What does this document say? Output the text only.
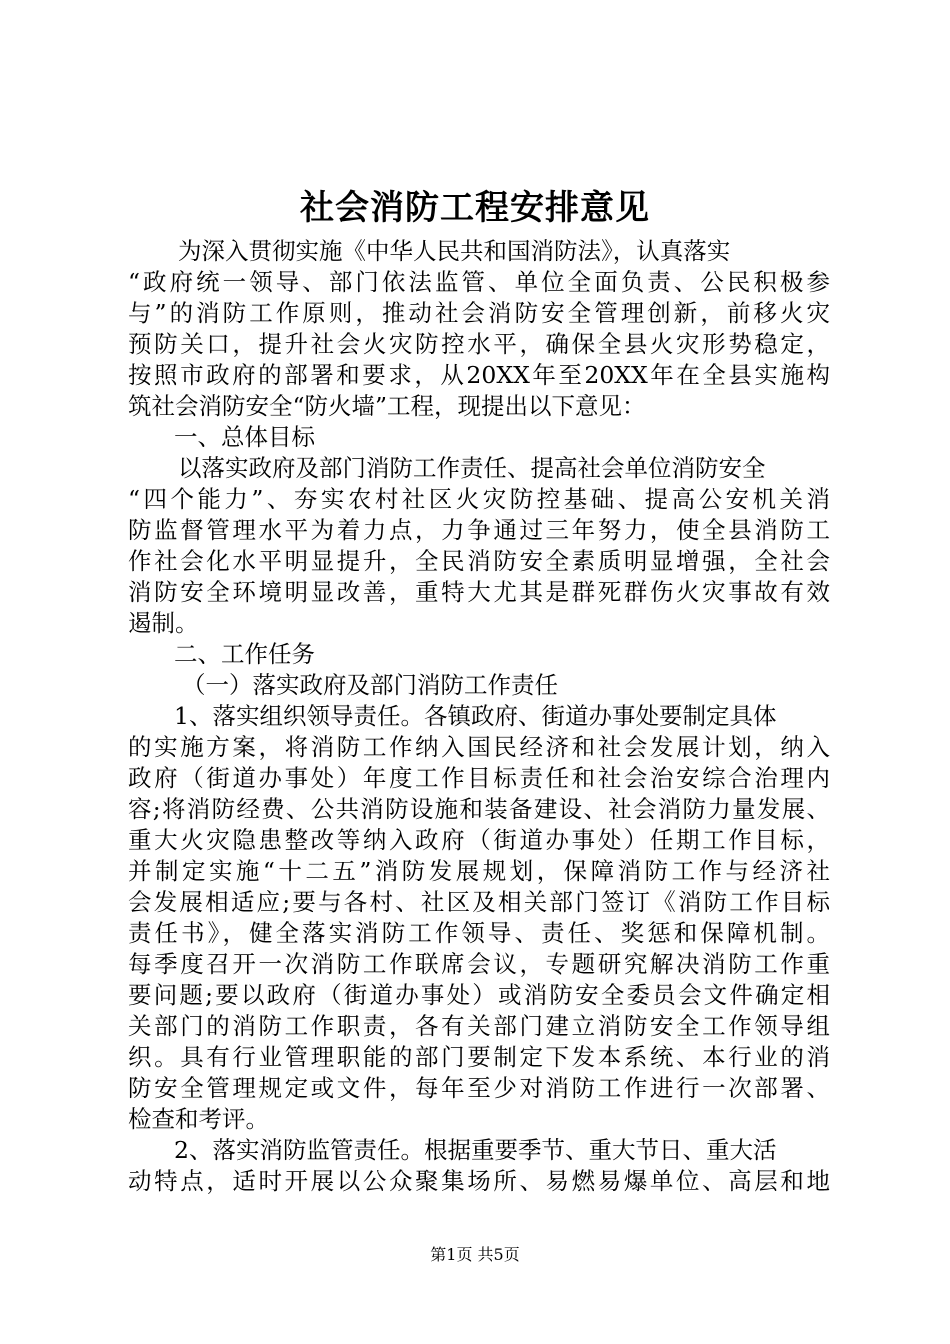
社会消防工程安排意见
为深入贯彻实施《中华人民共和国消防法》，认真落实
“政府统一领导、部门依法监管、单位全面负责、公民积极参
与”的消防工作原则，推动社会消防安全管理创新，前移火灾
预防关口，提升社会火灾防控水平，确保全县火灾形势稳定，
按照市政府的部署和要求，从20XX年至20XX年在全县实施构
筑社会消防安全“防火墙”工程，现提出以下意见：
一、总体目标
以落实政府及部门消防工作责任、提高社会单位消防安全
“四个能力”、夯实农村社区火灾防控基础、提高公安机关消
防监督管理水平为着力点，力争通过三年努力，使全县消防工
作社会化水平明显提升，全民消防安全素质明显增强，全社会
消防安全环境明显改善，重特大尤其是群死群伤火灾事故有效
遏制。
二、工作任务
（一）落实政府及部门消防工作责任
1、落实组织领导责任。各镇政府、街道办事处要制定具体
的实施方案，将消防工作纳入国民经济和社会发展计划，纳入
政府（街道办事处）年度工作目标责任和社会治安综合治理内
容;将消防经费、公共消防设施和装备建设、社会消防力量发展、
重大火灾隐患整改等纳入政府（街道办事处）任期工作目标，
并制定实施“十二五”消防发展规划，保障消防工作与经济社
会发展相适应;要与各村、社区及相关部门签订《消防工作目标
责任书》，健全落实消防工作领导、责任、奖惩和保障机制。
每季度召开一次消防工作联席会议，专题研究解决消防工作重
要问题;要以政府（街道办事处）或消防安全委员会文件确定相
关部门的消防工作职责，各有关部门建立消防安全工作领导组
织。具有行业管理职能的部门要制定下发本系统、本行业的消
防安全管理规定或文件，每年至少对消防工作进行一次部署、
检查和考评。
2、落实消防监管责任。根据重要季节、重大节日、重大活
动特点，适时开展以公众聚集场所、易燃易爆单位、高层和地
第1页 共5页
